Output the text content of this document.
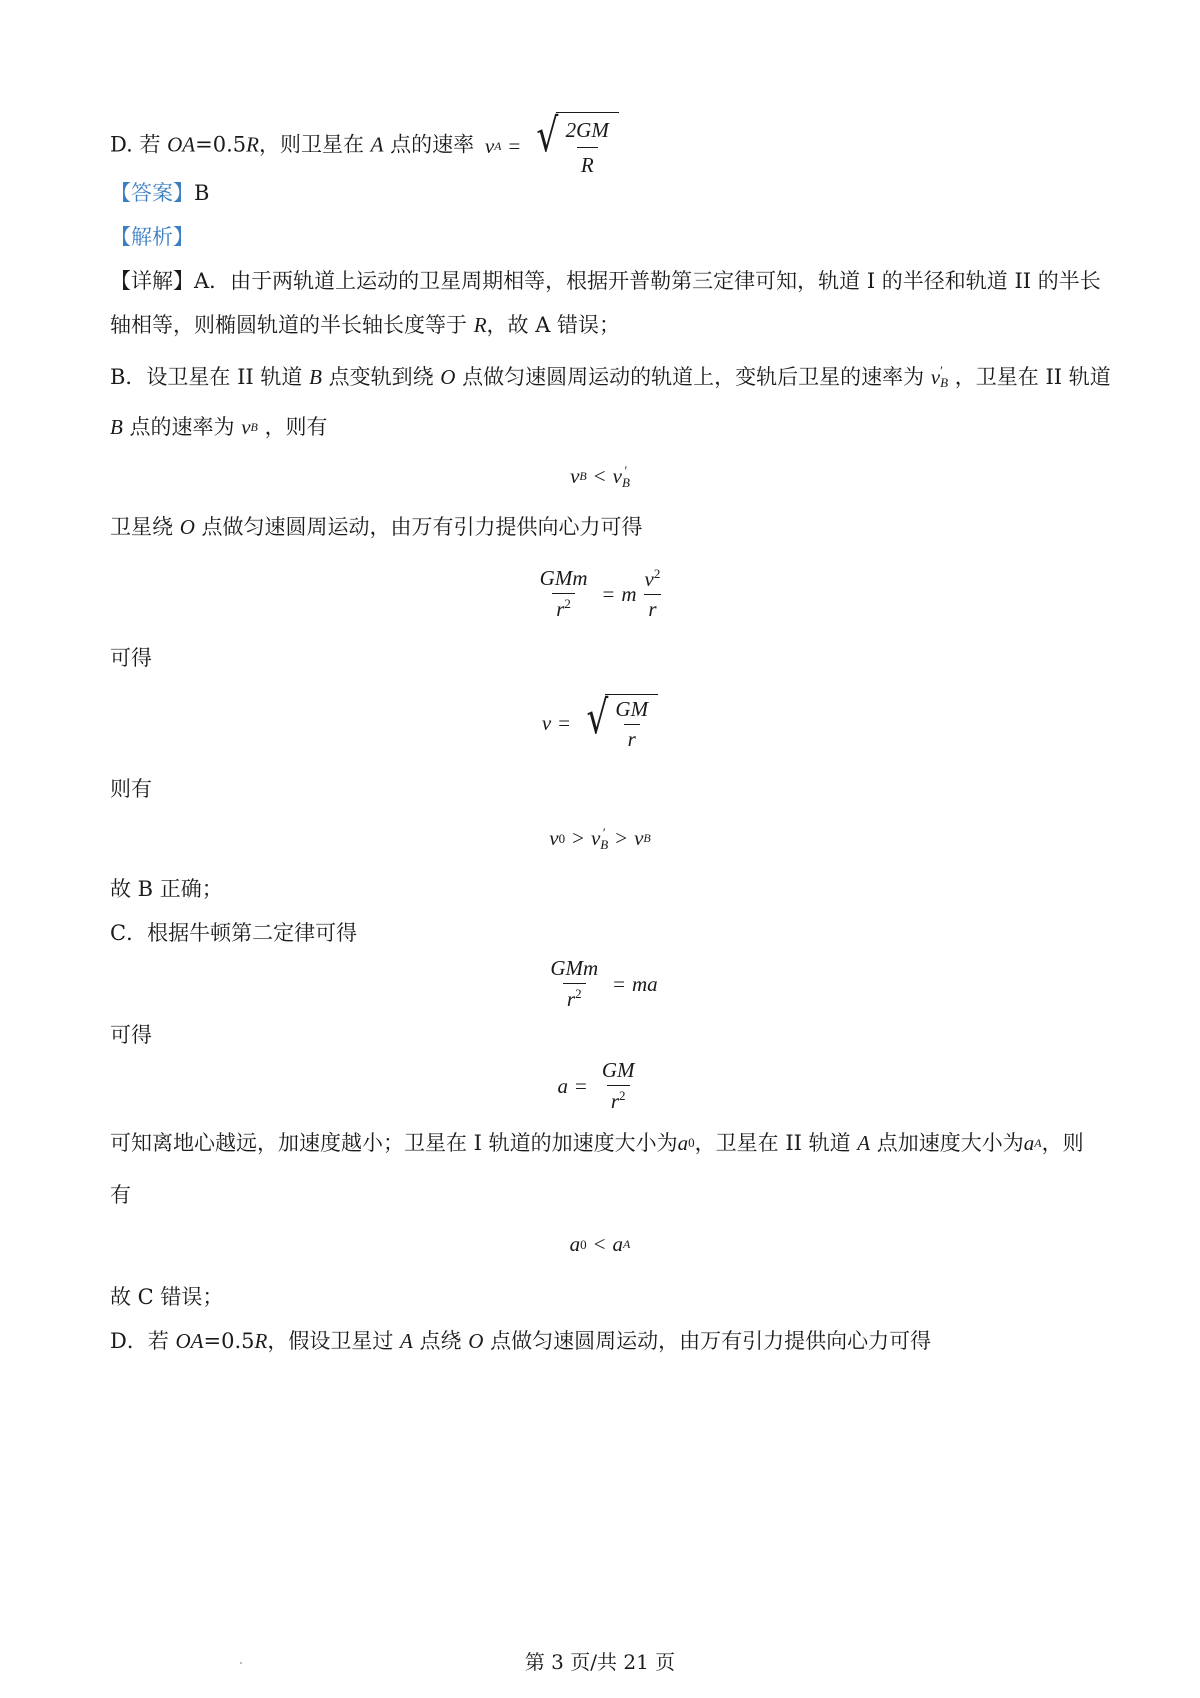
D. 若 OA=0.5R，则卫星在 A 点的速率 v A = √ $\frac{2GM}{R}$
【答案】B
【解析】
【详解】A．由于两轨道上运动的卫星周期相等，根据开普勒第三定律可知，轨道 I 的半径和轨道 II 的半长
轴相等，则椭圆轨道的半长轴长度等于 R，故 A 错误；
B．设卫星在 II 轨道 B 点变轨到绕 O 点做匀速圆周运动的轨道上，变轨后卫星的速率为 v ′
B ，卫星在 II 轨道
B 点的速率为 v B ，则有
v B < v ′
B
卫星绕 O 点做匀速圆周运动，由万有引力提供向心力可得
$\frac{\text{GMm}}{r^2} = m \frac{v^2}{r}$
可得
v = √ $\frac{GM}{r}$
则有
v 0 > v ′
B > v B
故 B 正确；
C．根据牛顿第二定律可得
$\frac{\text{GMm}}{r^2}$ = ma
可得
$a = \frac{GM}{r^2}$
可知离地心越远，加速度越小；卫星在 I 轨道的加速度大小为 a 0 ，卫星在 II 轨道 A 点加速度大小为 a A ，则
有
a 0 < a A
故 C 错误；
D．若 OA=0.5R，假设卫星过 A 点绕 O 点做匀速圆周运动，由万有引力提供向心力可得
第 3 页/共 21 页
